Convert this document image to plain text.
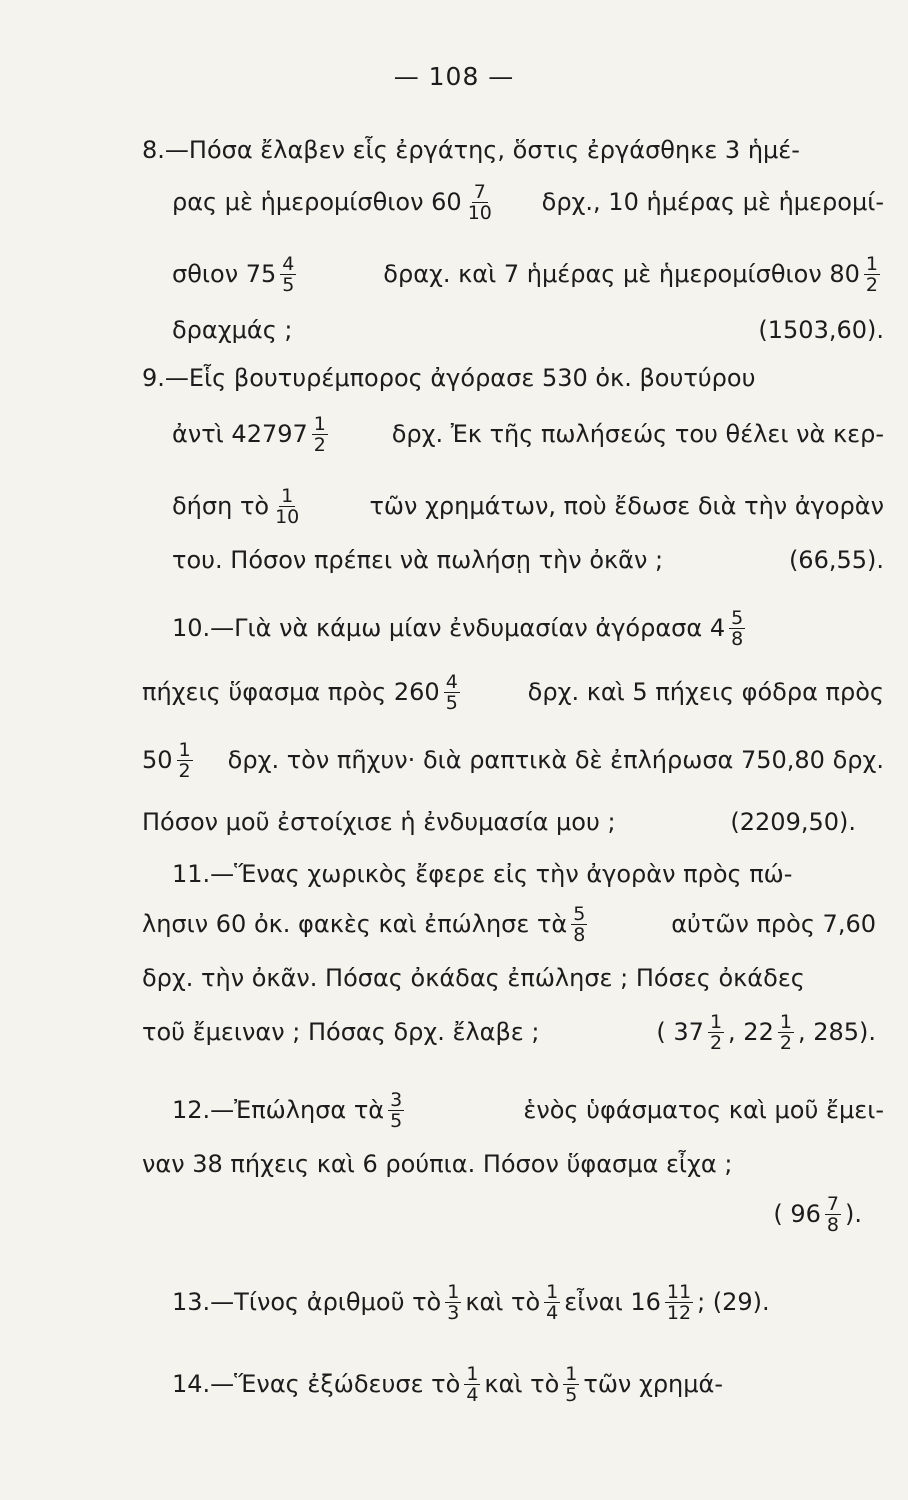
— 108 —
8.—Πόσα ἔλαβεν εἷς ἐργάτης, ὅστις ἐργάσθηκε 3 ἡμέ-
ρας μὲ ἡμερομίσθιον $60 \frac{7}{10} \delta\rho\chi$., 10 ἡμέρας μὲ ἡμερομί-
σθιον $75 \frac{4}{5}$	δραχ. καὶ 7 ἡμέρας μὲ ἡμερομίσθιον $80 \frac{1}{2}$
δραχμάς ;	(1503,60).
9.—Εἷς βουτυρέμπορος ἀγόρασε 530 ὀκ. βουτύρου
ἀντὶ $42797 \frac{1}{2}$	δρχ. Ἐκ τῆς πωλήσεώς του θέλει νὰ κερ-
δήση τὸ $\frac{1}{10}$	τῶν χρημάτων, ποὺ ἔδωσε διὰ τὴν ἀγορὰν
του. Πόσον πρέπει νὰ πωλήσῃ τὴν ὀκᾶν ;	(66,55).
10.—Γιὰ νὰ κάμω μίαν ἐνδυμασίαν ἀγόρασα $4 \frac{5}{8}$
πήχεις ὕφασμα πρὸς $260 \frac{4}{5}$	δρχ. καὶ 5 πήχεις φόδρα πρὸς
$50 \frac{1}{2} \delta\rho\chi$. τὸν πῆχυν· διὰ ραπτικὰ δὲ ἐπλήρωσα 750,80 δρχ.
Πόσον μοῦ ἐστοίχισε ἡ ἐνδυμασία μου ;	(2209,50).
11.—Ἕνας χωρικὸς ἔφερε εἰς τὴν ἀγορὰν πρὸς πώ-
λησιν 60 ὀκ. φακὲς καὶ ἐπώλησε τὰ $\frac{5}{8}$	αὐτῶν πρὸς 7,60
δρχ. τὴν ὀκᾶν. Πόσας ὀκάδας ἐπώλησε ; Πόσες ὀκάδες
τοῦ ἔμειναν ; Πόσας δρχ. ἔλαβε ;	( $37 \frac{1}{2}$ , $22 \frac{1}{2}$ , 285).
12.—Ἐπώλησα τὰ $\frac{3}{5}$	ἑνὸς ὑφάσματος καὶ μοῦ ἔμει-
ναν 38 πήχεις καὶ 6 ρούπια. Πόσον ὕφασμα εἶχα ;
( $96 \frac{7}{8}$ ).
13.—Τίνος ἀριθμοῦ τὸ $\frac{1}{3}$ καὶ τὸ $\frac{1}{4}$ εἶναι $16 \frac{11}{12}$ ; (29).
14.—Ἕνας ἐξώδευσε τὸ $\frac{1}{4}$ καὶ τὸ $\frac{1}{5}$ τῶν χρημά-
